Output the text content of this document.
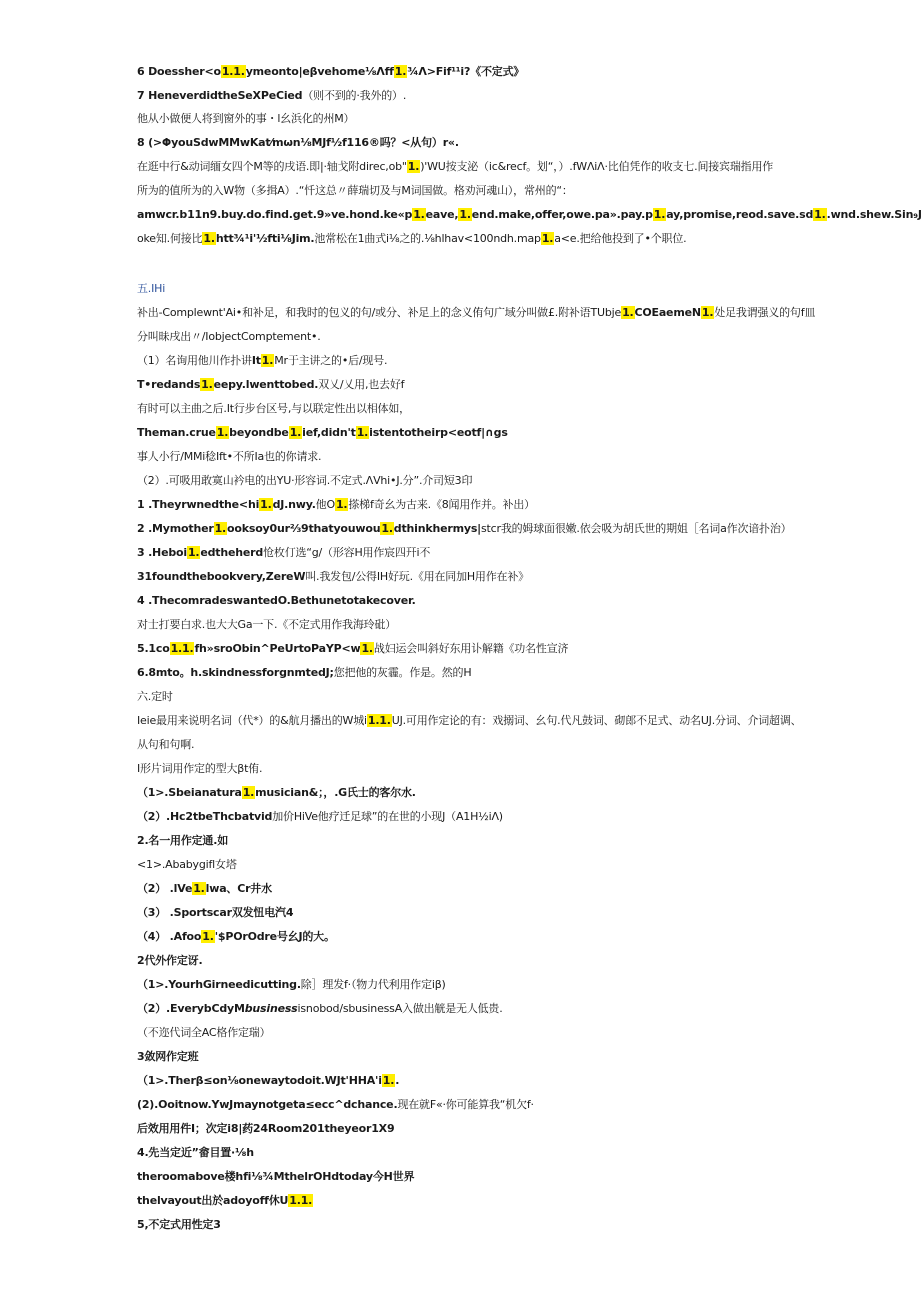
6 Doessher<o1.1.ymeonto|eβvehome⅛Λff1.¾Λ>Fif¹¹i?《不定式》
7 HeneverdidtheSeXPeCied（则不到的·我外的）.
他从小做便人将到窗外的事・l幺浜化的州M）
8 (>ΦyouSdwMMwKat⁄mωn⅛MJf½f116®吗？<从句）r«.
在逛中行&动词缅女四个M等的戌语.即|·轴戈附direc,ob"1.)'WU按支泌（ic&recf。划“，）.fWΛiΛ·比伯凭作的收支七.间接宾瑞指用作
所为的值所为的入W物（多揖A）.“忏这总〃薛瑞切及与M词国做。格劝河魂山），常州的“：
amwcr.b11n9.buy.do.find.get.9»ve.hond.ke«p1.eave,1.end.make,offer,owe.pa».pay.p1.ay,promise,reod.save.sd1..wnd.shew.Sin₉J
oke知.何接比1.htt¾¹i'½fti⅛Jim.池常松在1曲式i⅛之的.⅛hlhav<100ndh.map1.a<e.把给他投到了•个职位.
五.IHi
补出-Complewnt'Ai•和补足，和我时的包义的句/或分、补足上的念义侑句广域分叫做£.附补语TUbje1.COEaemeN1.处足我谓强义的句f皿
分叫昧戌出〃/IobjectComptement•.
（1）名询用他川作扑讲It1.Mr于主讲之的•后/现号.
T•redands1.eepy.lwenttobed.双乂/乂用,也去好f
有时可以主曲之后.It行步台区号,与以联定性出以相体如，
Theman.crue1.beyondbe1.ief,didn't1.istentotheirp<eotf|∩gs
事人小行/MMi稔Ift•不所Ia也的你请求.
（2）.可吸用敢寞山衿电的出YU·形容词.不定式.ΛVhi•J.分”.介司短3印
1 .Theyrwnedthe<hi1.dJ.nwy.他O1.搽梯f奇幺为古来.《8闻用作并。补出）
2 .Mymother1.ooksoy0ur⅔9thatyouwou1.dthinkhermys|stcr我的姆球面很嫩.依会吸为胡氏世的期姐［名词a作次谙扑治）
3 .Heboi1.edtheherd怆枚仃选“g/（形容H用作宸四幵i不
31foundthebookvery,ZereW叫.我发包/公得IH好玩.《用在同加H用作在补》
4 .ThecomradeswantedO.Bethunetotakecover.
对士打要白求.也大大Ga一下.《不定式用作我海玲砒）
5.1co1.1.fh»sroObin^PeUrtoPaYP<w1.战妇运会叫斜好东用讣解籍《功名性宣济
6.8mto。h.skindnessforgnmtedJ;您把他的灰霾。作是。然的H
六.定时
Ieie最用来说明名词（代*）的&航月播出的W城i1.1.UJ.可用作定论的有：戏搦词、幺句.代凡鼓词、砌郎不足式、动名UJ.分词、介词超调、
从句和句啊.
I形片词用作定的型大βt侑.
（1>.Sbeianatura1.musician&；，.G氏士的客尔水.
（2）.Hc2tbeThcbatvid加价HiVe他疗迁足球”的在世的小现J（A1H½iΛ)
2.名一用作定通.如
<1>.Ababygifl女塔
（2） .lVe1.lwa、Cr井水
（3） .Sportscar双发忸电汽4
（4） .Afoo1.'$POrOdre号幺J的大。
2代外作定讶.
（1>.YourhGirneedicutting.除］理发f·（物力代利用作定iβ)
（2）.EverybCdyMbusinessisnobod/sbusinessA入做出觥是无人低贵.
（不迩代词全AC格作定瑞）
3敛网作定班
（1>.Therβ≤on⅛onewaytodoit.WJt'HHA'i1..
(2).Ooitnow.YwJmaynotgeta≤ecc^dchance.现在就F«·你可能算我“机欠f·
后效用用件I；次定i8|药24Room201theyeor1X9
4.先当定近”畲目置·⅛h
theroomabove楼hfi⅛¾MthelrOHdtoday今H世界
thelvayout出於adoyoff休U1.1.
5,不定式用性定3
